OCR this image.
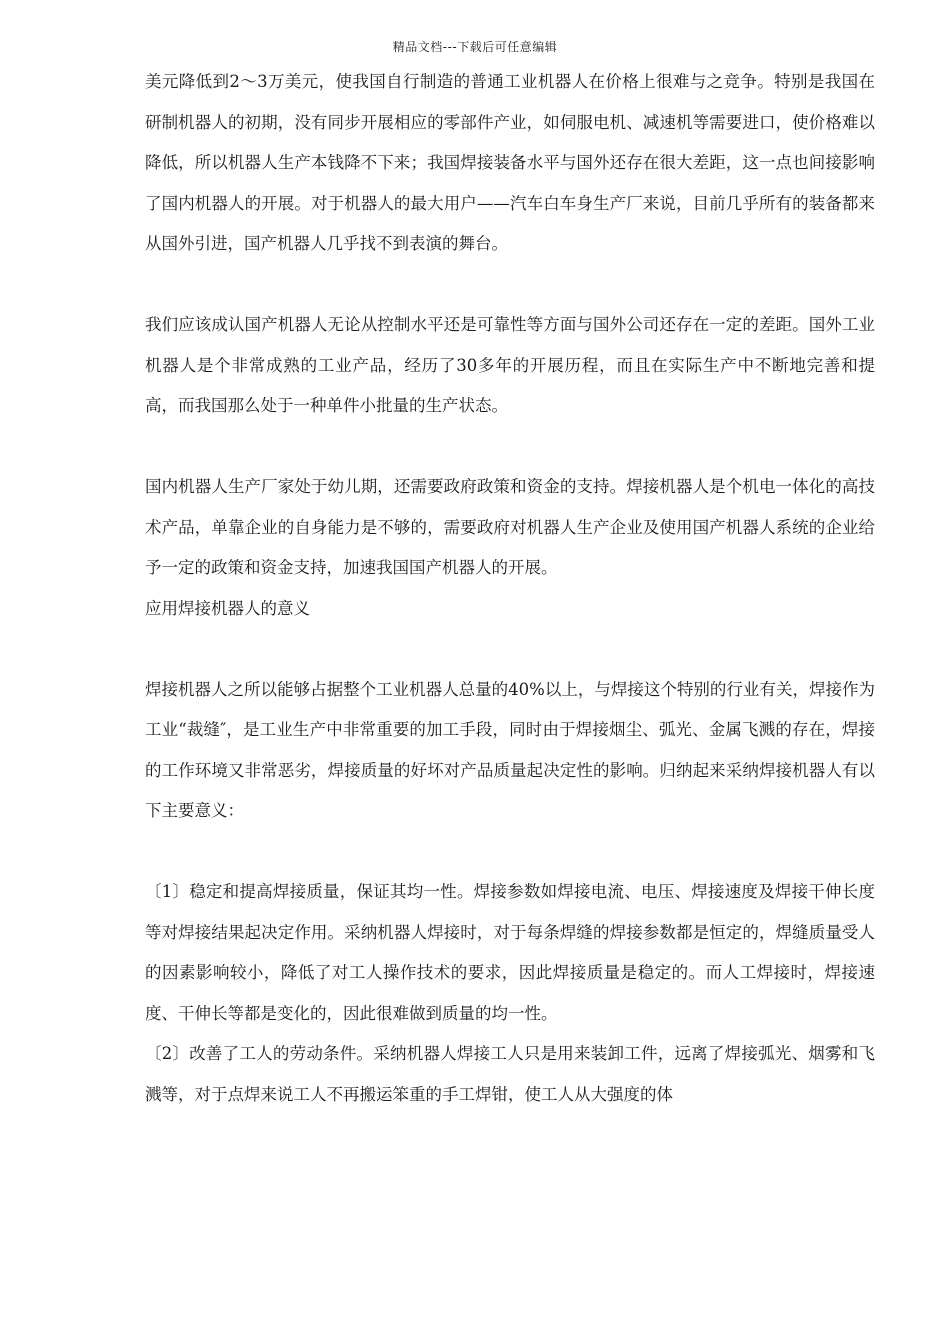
精品文档---下载后可任意编辑

美元降低到2～3万美元，使我国自行制造的普通工业机器人在价格上很难与之竞争。特别是我国在研制机器人的初期，没有同步开展相应的零部件产业，如伺服电机、减速机等需要进口，使价格难以降低，所以机器人生产本钱降不下来；我国焊接装备水平与国外还存在很大差距，这一点也间接影响了国内机器人的开展。对于机器人的最大用户——汽车白车身生产厂来说，目前几乎所有的装备都来从国外引进，国产机器人几乎找不到表演的舞台。

我们应该成认国产机器人无论从控制水平还是可靠性等方面与国外公司还存在一定的差距。国外工业机器人是个非常成熟的工业产品，经历了30多年的开展历程，而且在实际生产中不断地完善和提高，而我国那么处于一种单件小批量的生产状态。

国内机器人生产厂家处于幼儿期，还需要政府政策和资金的支持。焊接机器人是个机电一体化的高技术产品，单靠企业的自身能力是不够的，需要政府对机器人生产企业及使用国产机器人系统的企业给予一定的政策和资金支持，加速我国国产机器人的开展。

应用焊接机器人的意义

焊接机器人之所以能够占据整个工业机器人总量的40%以上，与焊接这个特别的行业有关，焊接作为工业“裁缝″，是工业生产中非常重要的加工手段，同时由于焊接烟尘、弧光、金属飞溅的存在，焊接的工作环境又非常恶劣，焊接质量的好坏对产品质量起决定性的影响。归纳起来采纳焊接机器人有以下主要意义：

〔1〕稳定和提高焊接质量，保证其均一性。焊接参数如焊接电流、电压、焊接速度及焊接干伸长度等对焊接结果起决定作用。采纳机器人焊接时，对于每条焊缝的焊接参数都是恒定的，焊缝质量受人的因素影响较小，降低了对工人操作技术的要求，因此焊接质量是稳定的。而人工焊接时，焊接速度、干伸长等都是变化的，因此很难做到质量的均一性。

〔2〕改善了工人的劳动条件。采纳机器人焊接工人只是用来装卸工件，远离了焊接弧光、烟雾和飞溅等，对于点焊来说工人不再搬运笨重的手工焊钳，使工人从大强度的体
